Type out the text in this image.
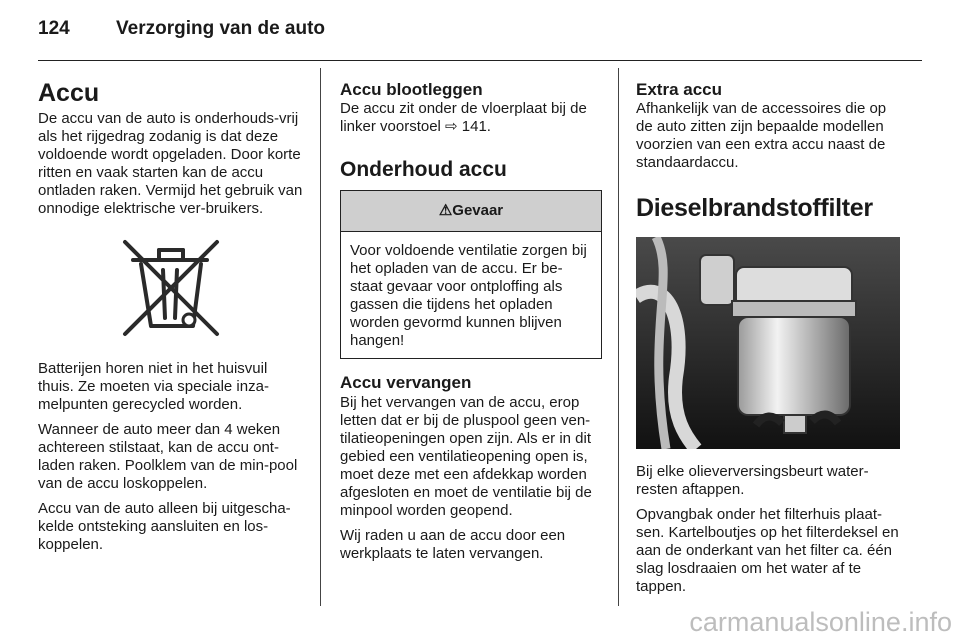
124 Verzorging van de auto
Accu

De accu van de auto is onderhouds-vrij als het rijgedrag zodanig is dat deze voldoende wordt opgeladen. Door korte ritten en vaak starten kan de accu ontladen raken. Vermijd het gebruik van onnodige elektrische ver-bruikers.

Batterijen horen niet in het huisvuil thuis. Ze moeten via speciale inza-melpunten gerecycled worden.

Wanneer de auto meer dan 4 weken achtereen stilstaat, kan de accu ont-laden raken. Poolklem van de min-pool van de accu loskoppelen.

Accu van de auto alleen bij uitgescha-kelde ontsteking aansluiten en los-koppelen.

Accu blootleggen

De accu zit onder de vloerplaat bij de linker voorstoel ⇨ 141.

Onderhoud accu
⚠Gevaar

Voor voldoende ventilatie zorgen bij het opladen van de accu. Er be-staat gevaar voor ontploffing als gassen die tijdens het opladen worden gevormd kunnen blijven hangen!

Accu vervangen

Bij het vervangen van de accu, erop letten dat er bij de pluspool geen ven-tilatieopeningen open zijn. Als er in dit gebied een ventilatieopening open is, moet deze met een afdekkap worden afgesloten en moet de ventilatie bij de minpool worden geopend.

Wij raden u aan de accu door een werkplaats te laten vervangen.

Extra accu

Afhankelijk van de accessoires die op de auto zitten zijn bepaalde modellen voorzien van een extra accu naast de standaardaccu.

Dieselbrandstoffilter

Bij elke olieverversingsbeurt water-resten aftappen.

Opvangbak onder het filterhuis plaat-sen. Kartelboutjes op het filterdeksel en aan de onderkant van het filter ca. één slag losdraaien om het water af te tappen.

carmanualsonline.info
